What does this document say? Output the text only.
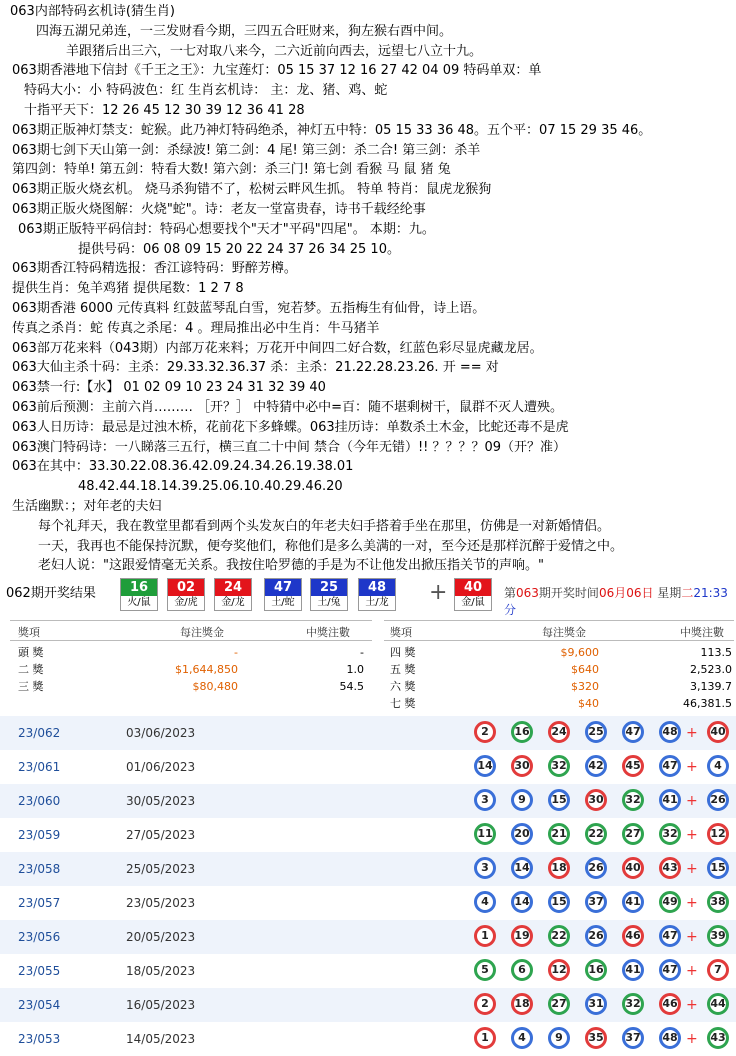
063内部特码玄机诗(猜生肖)
四海五湖兄弟连，一三发财看今期，三四五合旺财来，狗左猴右酉中间。
羊跟猪后出三六，一七对取八来今，二六近前向西去，远望七八立十九。
063期香港地下信封《千王之王》：九宝莲灯：05 15 37 12 16 27 42 04 09 特码单双：单
特码大小：小 特码波色：红 生肖玄机诗： 主：龙、猪、鸡、蛇
十指平天下：12 26 45 12 30 39 12 36 41 28
063期正版神灯禁支：蛇猴。此乃神灯特码绝杀，神灯五中特：05 15 33 36 48。五个平：07 15 29 35 46。
063期七剑下天山第一剑：杀绿波! 第二剑：4 尾! 第三剑：杀二合! 第三剑：杀羊
第四剑：特单! 第五剑：特看大数! 第六剑：杀三门! 第七剑 看猴 马 鼠 猪 兔
063期正版火烧玄机。 烧马杀狗错不了，松树云畔风生抓。 特单 特肖：鼠虎龙猴狗
063期正版火烧图解：火烧"蛇"。诗：老友一堂富贵春，诗书千载经纶事
063期正版特平码信封：特码心想要找个"天才"平码"四尾"。 本期：九。
提供号码：06 08 09 15 20 22 24 37 26 34 25 10。
063期香江特码精选报：香江谚特码：野醉芳樽。
提供生肖：兔羊鸡猪 提供尾数：1 2 7 8
063期香港 6000 元传真料 红鼓蓝琴乱白雪，宛若梦。五指梅生有仙骨，诗上语。
传真之杀肖：蛇 传真之杀尾：4 。理局推出必中生肖：牛马猪羊
063部万花来料（043期）内部万花来料；万花开中间四二好合数，红蓝色彩尽显虎藏龙居。
063大仙主杀十码：主杀：29.33.32.36.37 杀：主杀：21.22.28.23.26. 开 == 对
063禁一行:【水】 01 02 09 10 23 24 31 32 39 40
063前后预测：主前六肖……… ［开？］ 中特猜中必中=百：随不堪剩树干，鼠群不灭人遭殃。
063人日历诗：最忌是过浊木桥，花前花下多蜂蝶。063挂历诗：单数杀土木金，比蛇还毒不是虎
063澳门特码诗：一八睇落三五行，横三直二十中间 禁合（今年无错）!! ？？？？09（开？准）
063在其中：33.30.22.08.36.42.09.24.34.26.19.38.01
48.42.44.18.14.39.25.06.10.40.29.46.20
生活幽默：；对年老的夫妇
每个礼拜天，我在教堂里都看到两个头发灰白的年老夫妇手搭着手坐在那里，仿佛是一对新婚情侣。
一天，我再也不能保持沉默，便夸奖他们，称他们是多么美满的一对，至今还是那样沉醉于爱情之中。
老妇人说："这跟爱情毫无关系。我按住哈罗德的手是为不让他发出掀压指关节的声响。"
062期开奖结果	16
火/鼠
02
金/虎
24
金/龙
47
土/蛇
25
土/兔
48
土/龙
40
金/鼠
+	第063期开奖时间06月06日 星期二21:33分
獎項	每注獎金	中獎注數	獎項	每注獎金	中獎注數
頭 獎	-	-
二 獎	$1,644,850	1.0
三 獎	$80,480	54.5
四 獎	$9,600	113.5
五 獎	$640	2,523.0
六 獎	$320	3,139.7
七 獎	$40	46,381.5
23/062	03/06/2023	2	16	24	25	47	48 +	40
23/061	01/06/2023	14	30	32	42	45	47 +	4
23/060	30/05/2023	3	9	15	30	32	41 +	26
23/059	27/05/2023	11	20	21	22	27	32 +	12
23/058	25/05/2023	3	14	18	26	40	43 +	15
23/057	23/05/2023	4	14	15	37	41	49 +	38
23/056	20/05/2023	1	19	22	26	46	47 +	39
23/055	18/05/2023	5	6	12	16	41	47 +	7
23/054	16/05/2023	2	18	27	31	32	46 +	44
23/053	14/05/2023	1	4	9	35	37	48 +	43
